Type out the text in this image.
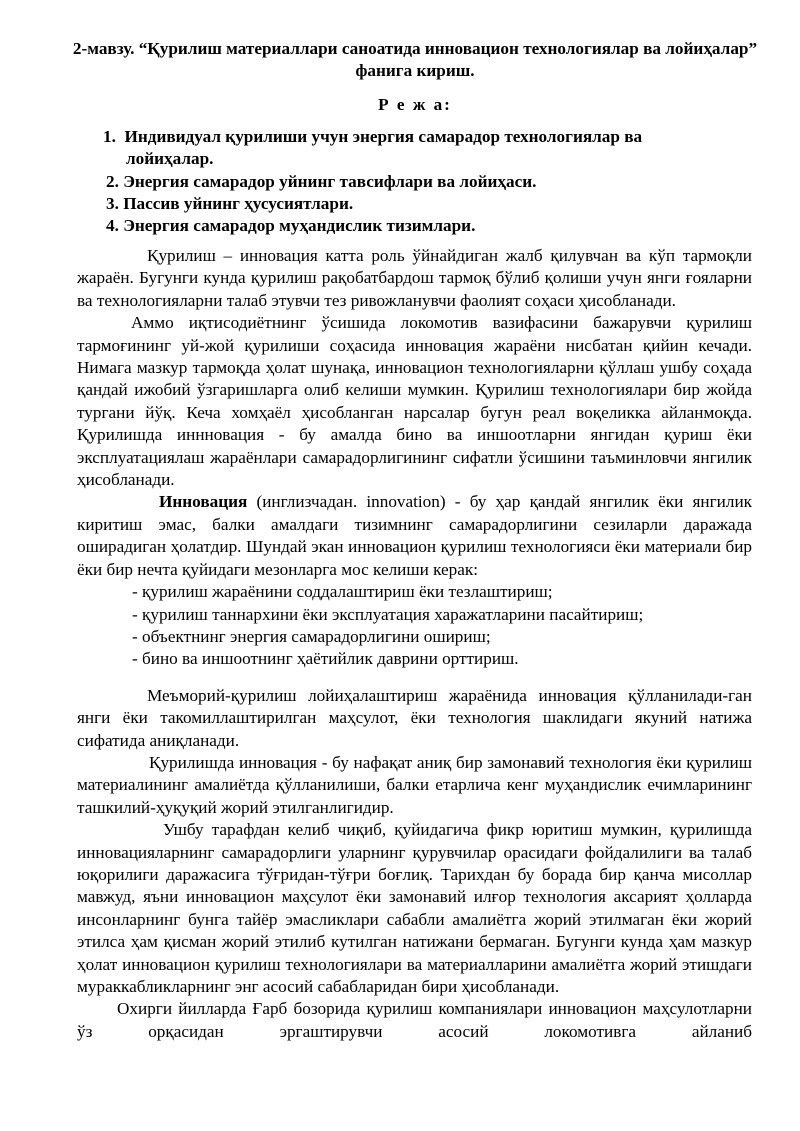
2-мавзу. “Қурилиш материаллари саноатида инновацион технологиялар ва лойиҳалар” фанига кириш.
Р е ж а:
1. Индивидуал қурилиши учун энергия самарадор технологиялар ва
лойиҳалар.
2. Энергия самарадор уйнинг тавсифлари ва лойиҳаси.
3. Пассив уйнинг ҳусусиятлари.
4. Энергия самарадор муҳандислик тизимлари.

Қурилиш – инновация катта роль ўйнайдиган жалб қилувчан ва кўп тармоқли жараён. Бугунги кунда қурилиш рақобатбардош тармоқ бўлиб қолиши учун янги ғояларни ва технологияларни талаб этувчи тез ривожланувчи фаолият соҳаси ҳисобланади.

Аммо иқтисодиётнинг ўсишида локомотив вазифасини бажарувчи қурилиш тармоғининг уй-жой қурилиши соҳасида инновация жараёни нисбатан қийин кечади. Нимага мазкур тармоқда ҳолат шунақа, инновацион технологияларни қўллаш ушбу соҳада қандай ижобий ўзгаришларга олиб келиши мумкин. Қурилиш технологиялари бир жойда тургани йўқ. Кеча хомҳаёл ҳисобланган нарсалар бугун реал воқеликка айланмоқда. Қурилишда иннновация - бу амалда бино ва иншоотларни янгидан қуриш ёки эксплуатациялаш жараёнлари самарадорлигининг сифатли ўсишини таъминловчи янгилик ҳисобланади.

Инновация (инглизчадан. innovation) - бу ҳар қандай янгилик ёки янгилик киритиш эмас, балки амалдаги тизимнинг самарадорлигини сезиларли даражада оширадиган ҳолатдир. Шундай экан инновацион қурилиш технологияси ёки материали бир ёки бир нечта қуйидаги мезонларга мос келиши керак:

- қурилиш жараёнини соддалаштириш ёки тезлаштириш;
- қурилиш таннархини ёки эксплуатация харажатларини пасайтириш;
- объектнинг энергия самарадорлигини ошириш;
- бино ва иншоотнинг ҳаётийлик даврини орттириш.

Меъморий-қурилиш лойиҳалаштириш жараёнида инновация қўлланилади-ган янги ёки такомиллаштирилган маҳсулот, ёки технология шаклидаги якуний натижа сифатида аниқланади.

Қурилишда инновация - бу нафақат аниқ бир замонавий технология ёки қурилиш материалининг амалиётда қўлланилиши, балки етарлича кенг муҳандислик ечимларининг ташкилий-ҳуқуқий жорий этилганлигидир.

Ушбу тарафдан келиб чиқиб, қуйидагича фикр юритиш мумкин, қурилишда инновацияларнинг самарадорлиги уларнинг қурувчилар орасидаги фойдалилиги ва талаб юқорилиги даражасига тўғридан-тўғри боғлиқ. Тарихдан бу борада бир қанча мисоллар мавжуд, яъни инновацион маҳсулот ёки замонавий илғор технология аксарият ҳолларда инсонларнинг бунга тайёр эмасликлари сабабли амалиётга жорий этилмаган ёки жорий этилса ҳам қисман жорий этилиб кутилган натижани бермаган. Бугунги кунда ҳам мазкур ҳолат инновацион қурилиш технологиялари ва материалларини амалиётга жорий этишдаги мураккабликларнинг энг асосий сабабларидан бири ҳисобланади.

Охирги йилларда Ғарб бозорида қурилиш компаниялари инновацион маҳсулотларни ўз орқасидан эргаштирувчи асосий локомотивга айланиб
